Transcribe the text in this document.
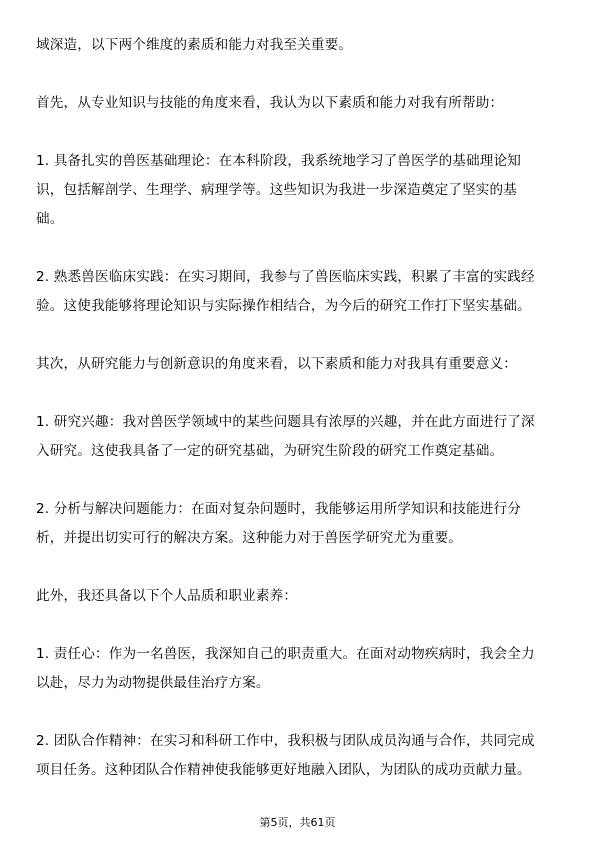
域深造，以下两个维度的素质和能力对我至关重要。
首先，从专业知识与技能的角度来看，我认为以下素质和能力对我有所帮助：
1. 具备扎实的兽医基础理论：在本科阶段，我系统地学习了兽医学的基础理论知
识，包括解剖学、生理学、病理学等。这些知识为我进一步深造奠定了坚实的基
础。
2. 熟悉兽医临床实践：在实习期间，我参与了兽医临床实践，积累了丰富的实践经
验。这使我能够将理论知识与实际操作相结合，为今后的研究工作打下坚实基础。
其次，从研究能力与创新意识的角度来看，以下素质和能力对我具有重要意义：
1. 研究兴趣：我对兽医学领域中的某些问题具有浓厚的兴趣，并在此方面进行了深
入研究。这使我具备了一定的研究基础，为研究生阶段的研究工作奠定基础。
2. 分析与解决问题能力：在面对复杂问题时，我能够运用所学知识和技能进行分
析，并提出切实可行的解决方案。这种能力对于兽医学研究尤为重要。
此外，我还具备以下个人品质和职业素养：
1. 责任心：作为一名兽医，我深知自己的职责重大。在面对动物疾病时，我会全力
以赴，尽力为动物提供最佳治疗方案。
2. 团队合作精神：在实习和科研工作中，我积极与团队成员沟通与合作，共同完成
项目任务。这种团队合作精神使我能够更好地融入团队，为团队的成功贡献力量。
第5页，共61页
